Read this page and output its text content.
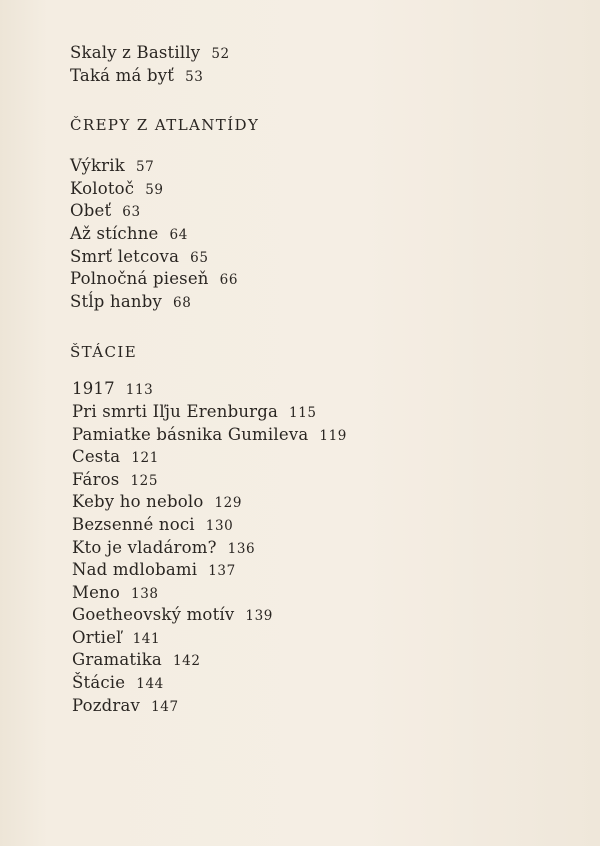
Skaly z Bastilly 52
Taká má byť 53
ČREPY Z ATLANTÍDY
Výkrik 57
Kolotoč 59
Obeť 63
Až stíchne 64
Smrť letcova 65
Polnočná pieseň 66
Stĺp hanby 68
ŠTÁCIE
1917 113
Pri smrti Iľju Erenburga 115
Pamiatke básnika Gumileva 119
Cesta 121
Fáros 125
Keby ho nebolo 129
Bezsenné noci 130
Kto je vladárom? 136
Nad mdlobami 137
Meno 138
Goetheovský motív 139
Ortieľ 141
Gramatika 142
Štácie 144
Pozdrav 147
